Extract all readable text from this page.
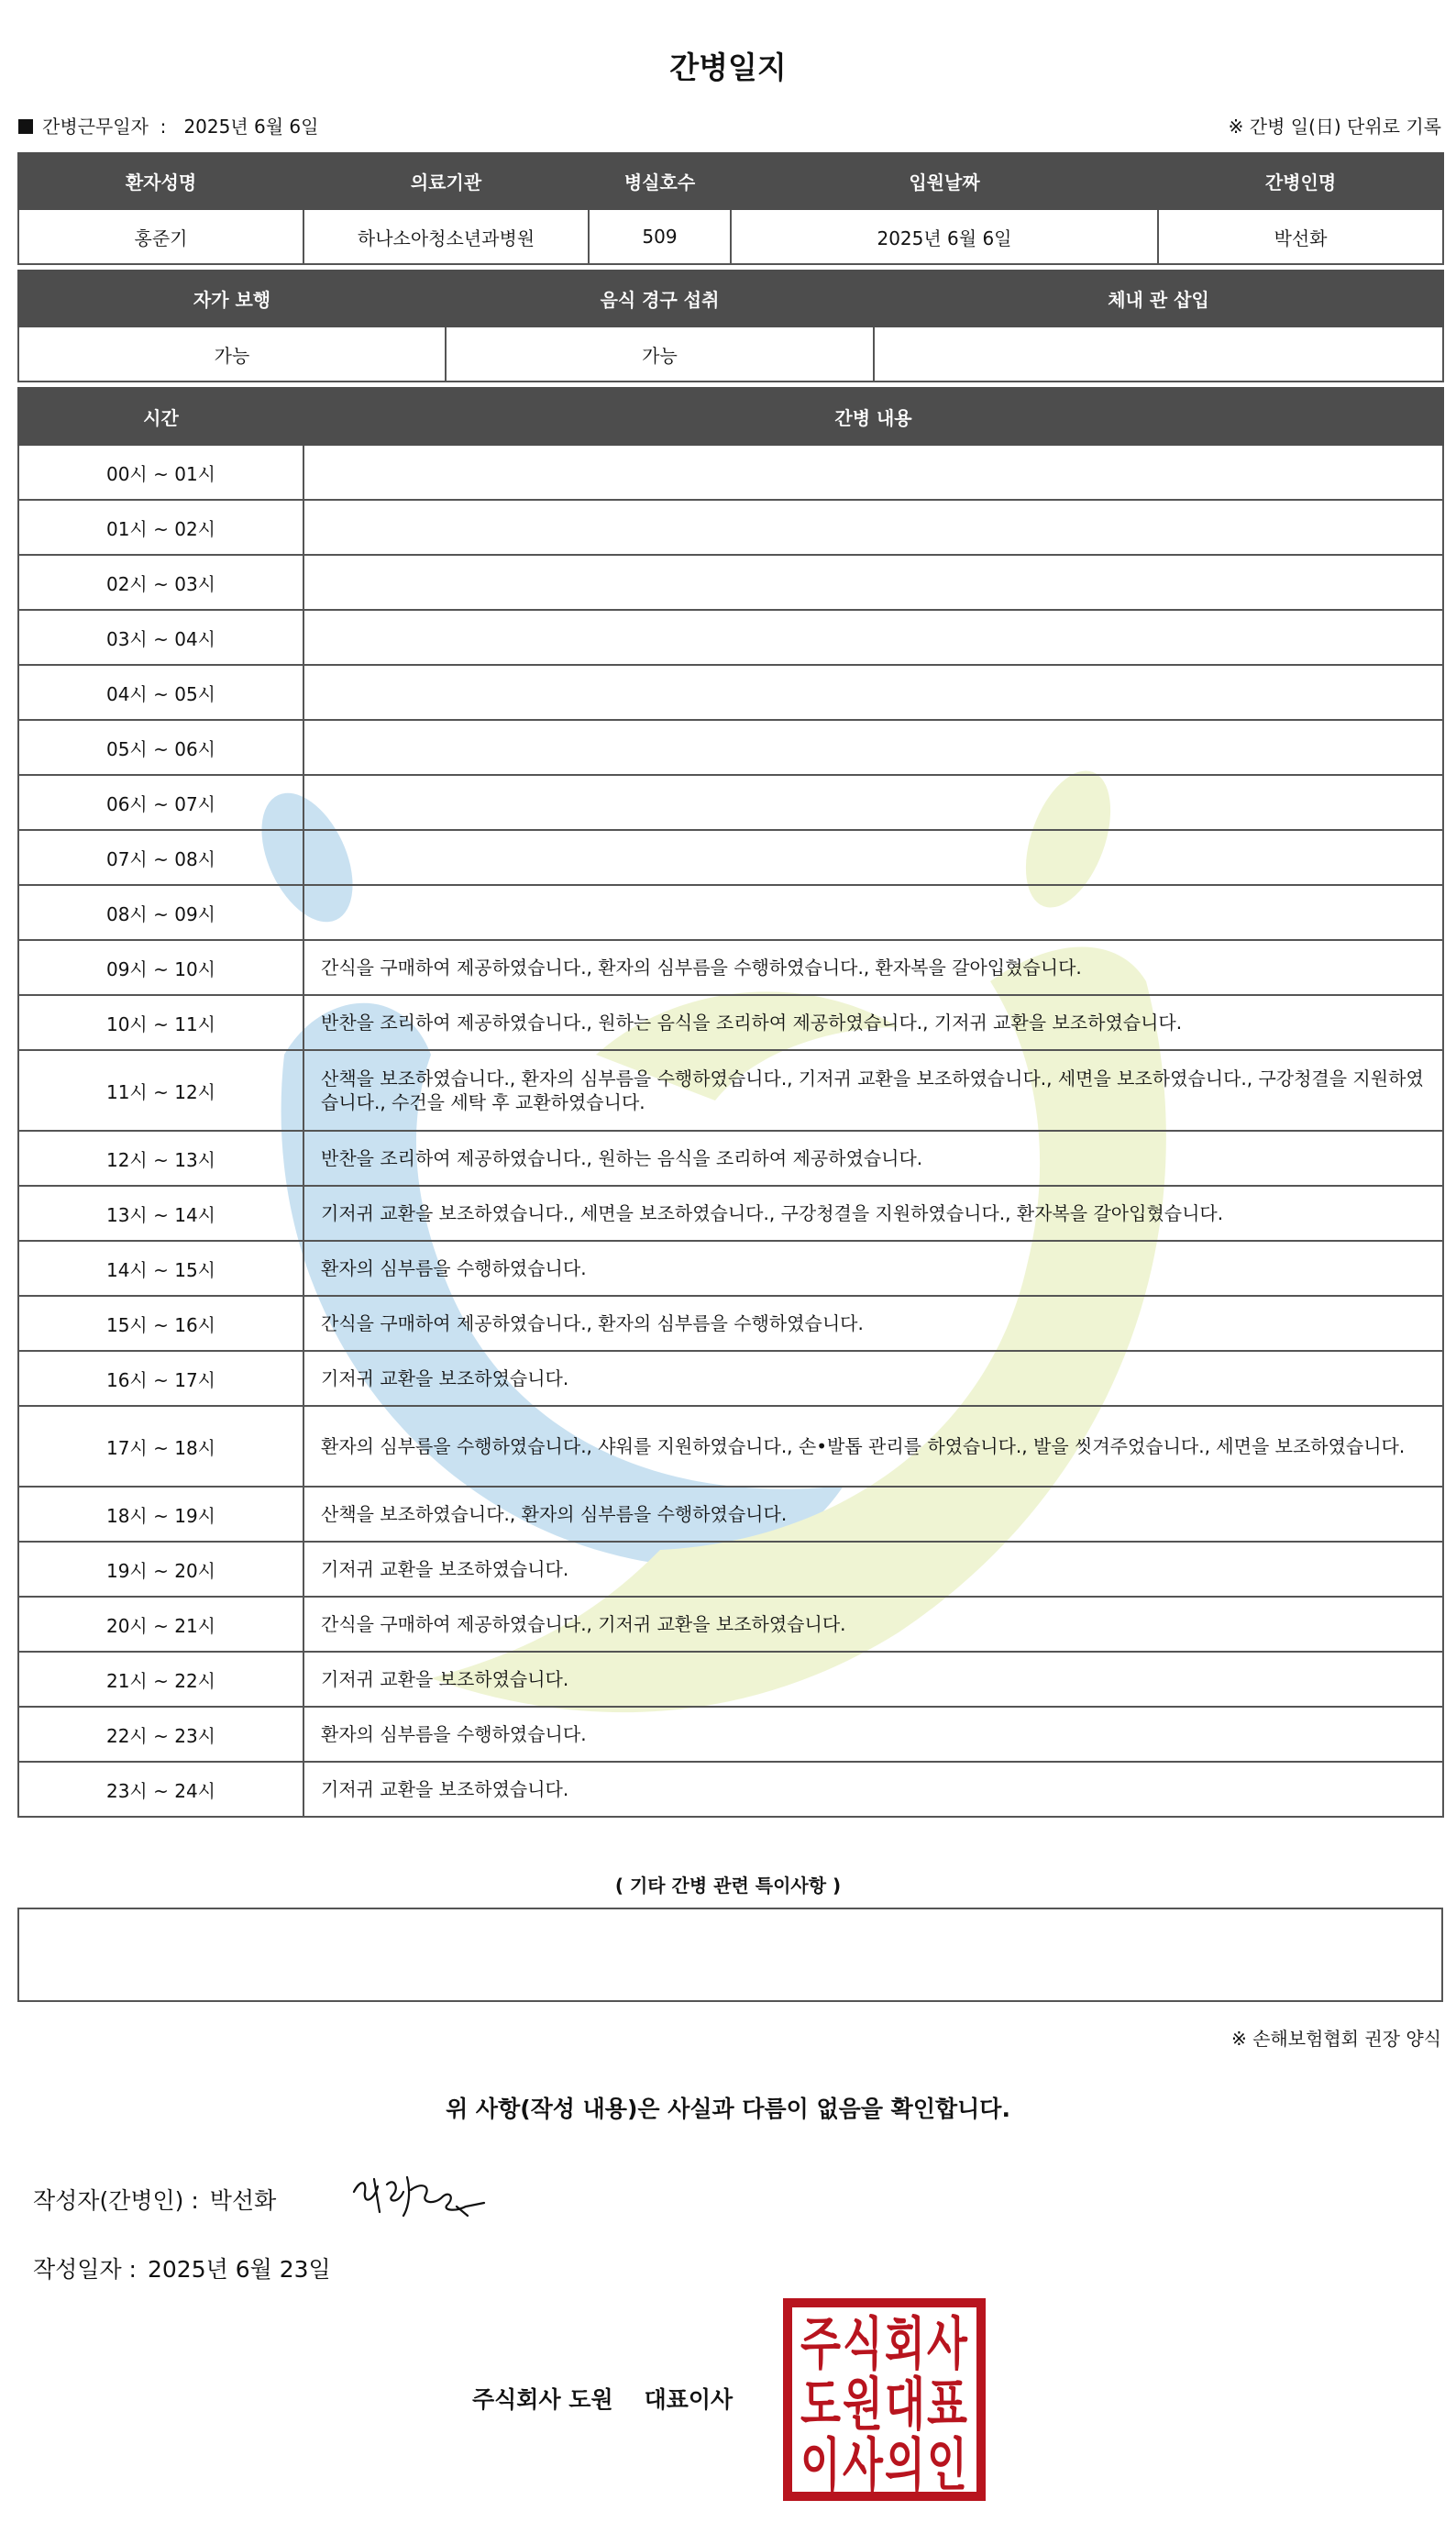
간병일지
간병근무일자  :   2025년 6월 6일	※ 간병 일(日) 단위로 기록
환자성명	의료기관	병실호수	입원날짜	간병인명
홍준기	하나소아청소년과병원	509	2025년 6월 6일	박선화
자가 보행	음식 경구 섭취	체내 관 삽입
가능	가능	
시간	간병 내용
00시 ~ 01시	
01시 ~ 02시	
02시 ~ 03시	
03시 ~ 04시	
04시 ~ 05시	
05시 ~ 06시	
06시 ~ 07시	
07시 ~ 08시	
08시 ~ 09시	
09시 ~ 10시	간식을 구매하여 제공하였습니다., 환자의 심부름을 수행하였습니다., 환자복을 갈아입혔습니다.
10시 ~ 11시	반찬을 조리하여 제공하였습니다., 원하는 음식을 조리하여 제공하였습니다., 기저귀 교환을 보조하였습니다.
11시 ~ 12시	산책을 보조하였습니다., 환자의 심부름을 수행하였습니다., 기저귀 교환을 보조하였습니다., 세면을 보조하였습니다., 구강청결을 지원하였습니다., 수건을 세탁 후 교환하였습니다.
12시 ~ 13시	반찬을 조리하여 제공하였습니다., 원하는 음식을 조리하여 제공하였습니다.
13시 ~ 14시	기저귀 교환을 보조하였습니다., 세면을 보조하였습니다., 구강청결을 지원하였습니다., 환자복을 갈아입혔습니다.
14시 ~ 15시	환자의 심부름을 수행하였습니다.
15시 ~ 16시	간식을 구매하여 제공하였습니다., 환자의 심부름을 수행하였습니다.
16시 ~ 17시	기저귀 교환을 보조하였습니다.
17시 ~ 18시	환자의 심부름을 수행하였습니다., 샤워를 지원하였습니다., 손•발톱 관리를 하였습니다., 발을 씻겨주었습니다., 세면을 보조하였습니다.
18시 ~ 19시	산책을 보조하였습니다., 환자의 심부름을 수행하였습니다.
19시 ~ 20시	기저귀 교환을 보조하였습니다.
20시 ~ 21시	간식을 구매하여 제공하였습니다., 기저귀 교환을 보조하였습니다.
21시 ~ 22시	기저귀 교환을 보조하였습니다.
22시 ~ 23시	환자의 심부름을 수행하였습니다.
23시 ~ 24시	기저귀 교환을 보조하였습니다.
( 기타 간병 관련 특이사항 )
※ 손해보험협회 권장 양식
위 사항(작성 내용)은 사실과 다름이 없음을 확인합니다.
작성자(간병인) : 박선화
작성일자 : 2025년 6월 23일
주식회사 도원 대표이사
주 식 회 사
도 원 대 표
이 사 의 인
